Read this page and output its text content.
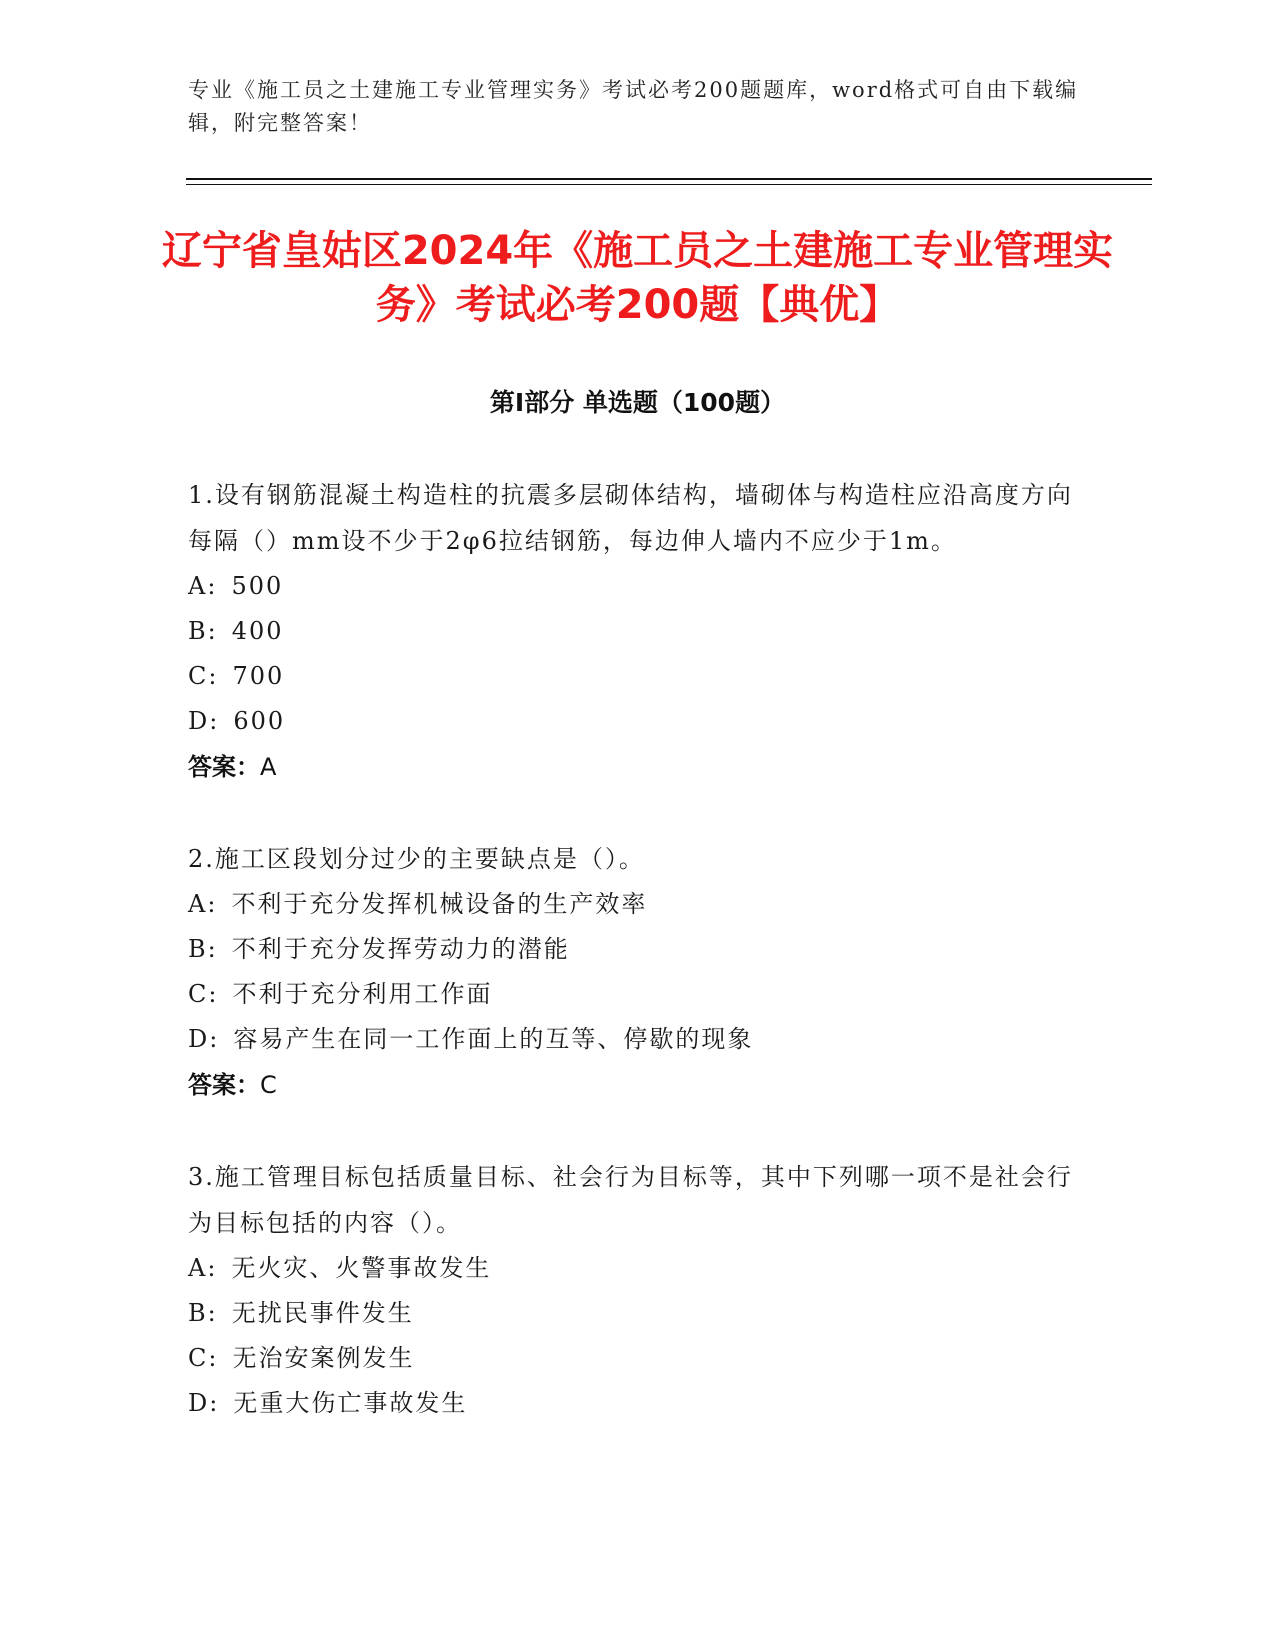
专业《施工员之土建施工专业管理实务》考试必考200题题库，word格式可自由下载编辑，附完整答案！
辽宁省皇姑区2024年《施工员之土建施工专业管理实务》考试必考200题【典优】
第Ⅰ部分 单选题（100题）

1.设有钢筋混凝土构造柱的抗震多层砌体结构，墙砌体与构造柱应沿高度方向每隔（）mm设不少于2φ6拉结钢筋，每边伸人墙内不应少于1m。

A: 500

B: 400

C: 700

D: 600

答案：A

2.施工区段划分过少的主要缺点是（）。

A: 不利于充分发挥机械设备的生产效率

B: 不利于充分发挥劳动力的潜能

C: 不利于充分利用工作面

D: 容易产生在同一工作面上的互等、停歇的现象

答案：C

3.施工管理目标包括质量目标、社会行为目标等，其中下列哪一项不是社会行为目标包括的内容（）。

A: 无火灾、火警事故发生

B: 无扰民事件发生

C: 无治安案例发生

D: 无重大伤亡事故发生
